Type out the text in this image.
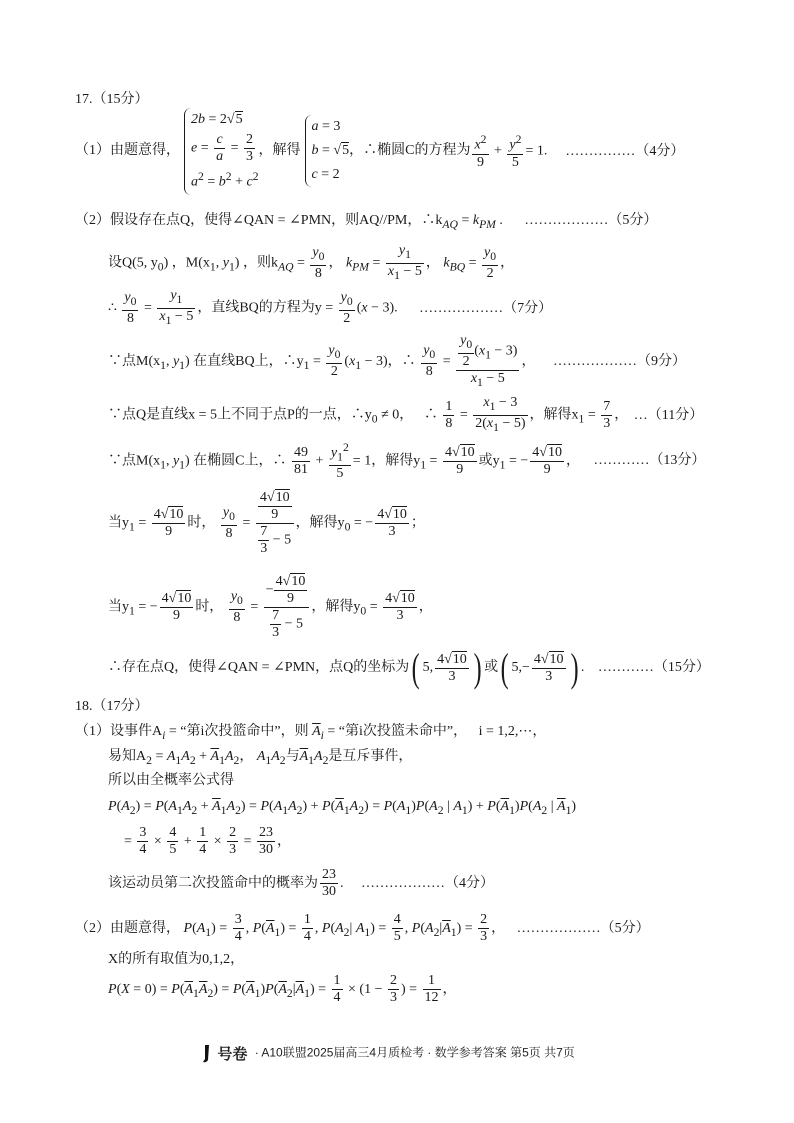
17.（15分）
（1）由题意得，
2b = 2√5
$e = \frac{c}{a} = \frac{2}{3}$
$a^2 = b^2 + c^2$
，解得
a = 3
b = √5
c = 2
，∴椭圆C的方程为 $\frac{x^2}{9} + \frac{y^2}{5} = 1$. ……………（4分）
（2）假设存在点Q，使得∠QAN = ∠PMN，则AQ//PM，$\therefore k_{AQ} = k_{PM}$ . ………………（5分）
设Q(5, $y_0$) ，$M(x_1$, $y_1$) ，则$k_{AQ} = \frac{y_0}{8}$ ， $k_{PM} = \frac{y_1}{x_1 - 5}$ ， $k_{BQ} = \frac{y_0}{2}$ ，
∴ $\frac{y_0}{8} = \frac{y_1}{x_1 - 5}$ ，直线BQ的方程为$y = \frac{y_0}{2} (x - 3)$. ………………（7分）
∵点$M(x_1$, $y_1$) 在直线BQ上，$\therefore y_1 = \frac{y_0}{2} (x_1 - 3)$，∴ $\frac{y_0}{8} = \frac{\frac{y_0}{2} (x_1 - 3)}{x_1 - 5}$ ， ………………（9分）
∵点Q是直线x = 5上不同于点P的一点，$\therefore y_0 \ne 0$，   ∴ $\frac{1}{8} = \frac{x_1 - 3}{2(x_1 - 5)}$ ，解得$x_1 = \frac{7}{3}$ ， …（11分）
∵点$M(x_1$, $y_1$) 在椭圆C上，∴ $\frac{49}{81} + \frac{y_1^2}{5} = 1$，解得$y_1 = \frac{4√10}{9}$ 或$y_1$ = − $\frac{4√10}{9}$ ， …………（13分）
当$y_1 = \frac{4√10}{9}$ 时， $\frac{y_0}{8} = \frac{\frac{4√10}{9}}{\frac{7}{3} - 5}$ ，解得$y_0$ = − $\frac{4√10}{3}$ ；
当$y_1$ = − $\frac{4√10}{9}$ 时， $\frac{y_0}{8} = \frac{- \frac{4√10}{9}}{\frac{7}{3} - 5}$ ，解得$y_0 = \frac{4√10}{3}$ ，
∴存在点Q，使得∠QAN = ∠PMN，点Q的坐标为( 5, $\frac{4√10}{3}$ ) 或( $5,- \frac{4√10}{3}$ ) . …………（15分）
18.（17分）
（1）设事件$A_i$ = “第i次投篮命中”，则 $\overline{A}_i$ = “第i次投篮未命中”， i = 1,2,⋯，
易知$A_2 = A_1A_2 + \overline{A}_1A_2$， $A_1A_2$与$\overline{A}_1A_2$是互斥事件，
所以由全概率公式得
$P(A_2) = P(A_1A_2 + \overline{A}_1A_2) = P(A_1A_2) + P(\overline{A}_1A_2) = P(A_1)P(A_2$ | $A_1) + P(\overline{A}_1)P(A_2$ | $\overline{A}_1$)
= $\frac{3}{4} \times \frac{4}{5} + \frac{1}{4} \times \frac{2}{3} = \frac{23}{30}$ ，
该运动员第二次投篮命中的概率为 $\frac{23}{30}$ . ………………（4分）
（2）由题意得， $P(A_1) = \frac{3}{4}$ , $P(\overline{A}_1) = \frac{1}{4}$ , $P(A_2|$ $A_1) = \frac{4}{5}$ , $P(A_2|\overline{A}_1) = \frac{2}{3}$ ， ………………（5分）
X的所有取值为0,1,2，
$P(X = 0) = P(\overline{A}_1\overline{A}_2) = P(\overline{A}_1)P(\overline{A}_2|\overline{A}_1) = \frac{1}{4} \times (1 - \frac{2}{3}$ ) = $\frac{1}{12}$ ，
号卷 · A10联盟2025届高三4月质检考 · 数学参考答案 第5页 共7页
